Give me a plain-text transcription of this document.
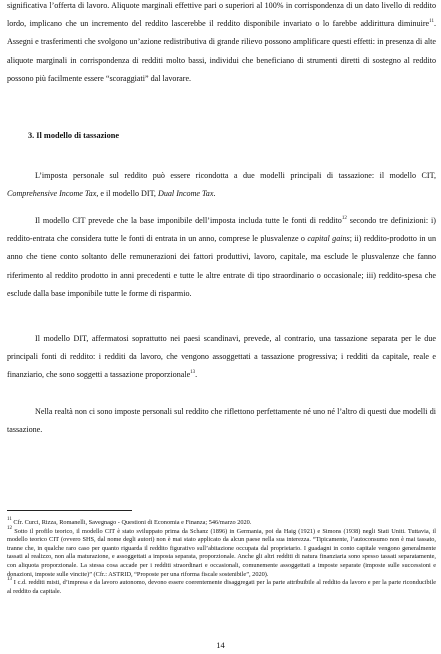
significativa l’offerta di lavoro. Aliquote marginali effettive pari o superiori al 100% in corrispondenza di un dato livello di reddito lordo, implicano che un incremento del reddito lascerebbe il reddito disponibile invariato o lo farebbe addirittura diminuire$^{11}$. Assegni e trasferimenti che svolgono un’azione redistributiva di grande rilievo possono amplificare questi effetti: in presenza di alte aliquote marginali in corrispondenza di redditi molto bassi, individui che beneficiano di strumenti diretti di sostegno al reddito possono più facilmente essere “scoraggiati” dal lavorare.

3. Il modello di tassazione

L’imposta personale sul reddito può essere ricondotta a due modelli principali di tassazione: il modello CIT, Comprehensive Income Tax, e il modello DIT, Dual Income Tax.

Il modello CIT prevede che la base imponibile dell’imposta includa tutte le fonti di reddito$^{12}$ secondo tre definizioni: i) reddito-entrata che considera tutte le fonti di entrata in un anno, comprese le plusvalenze o capital gains; ii) reddito-prodotto in un anno che tiene conto soltanto delle remunerazioni dei fattori produttivi, lavoro, capitale, ma esclude le plusvalenze che fanno riferimento al reddito prodotto in anni precedenti e tutte le altre entrate di tipo straordinario o occasionale; iii) reddito-spesa che esclude dalla base imponibile tutte le forme di risparmio.

Il modello DIT, affermatosi soprattutto nei paesi scandinavi, prevede, al contrario, una tassazione separata per le due principali fonti di reddito: i redditi da lavoro, che vengono assoggettati a tassazione progressiva; i redditi da capitale, reale e finanziario, che sono soggetti a tassazione proporzionale$^{13}$.

Nella realtà non ci sono imposte personali sul reddito che riflettono perfettamente né uno né l’altro di questi due modelli di tassazione.

$^{11}$ Cfr. Curci, Rizza, Romanelli, Savegnago - Questioni di Economia e Finanza; 546/marzo 2020.

$^{12}$ Sotto il profilo teorico, il modello CIT è stato sviluppato prima da Schanz (1896) in Germania, poi da Haig (1921) e Simons (1938) negli Stati Uniti. Tuttavia, il modello teorico CIT (ovvero SHS, dal nome degli autori) non è mai stato applicato da alcun paese nella sua interezza. “Tipicamente, l’autoconsumo non è mai tassato, tranne che, in qualche raro caso per quanto riguarda il reddito figurativo sull’abitazione occupata dal proprietario. I guadagni in conto capitale vengono generalmente tassati al realizzo, non alla maturazione, e assoggettati a imposta separata, proporzionale. Anche gli altri redditi di natura finanziaria sono spesso tassati separatamente, con aliquota proporzionale. La stessa cosa accade per i redditi straordinari e occasionali, comunemente assoggettati a imposte separate (imposte sulle successioni e donazioni, imposte sulle vincite)” (Cfr.: ASTRID, “Proposte per una riforma fiscale sostenibile”, 2020).

$^{13}$ I c.d. redditi misti, d’impresa e da lavoro autonomo, devono essere coerentemente disaggregati per la parte attribuibile al reddito da lavoro e per la parte riconducibile al reddito da capitale.

14
